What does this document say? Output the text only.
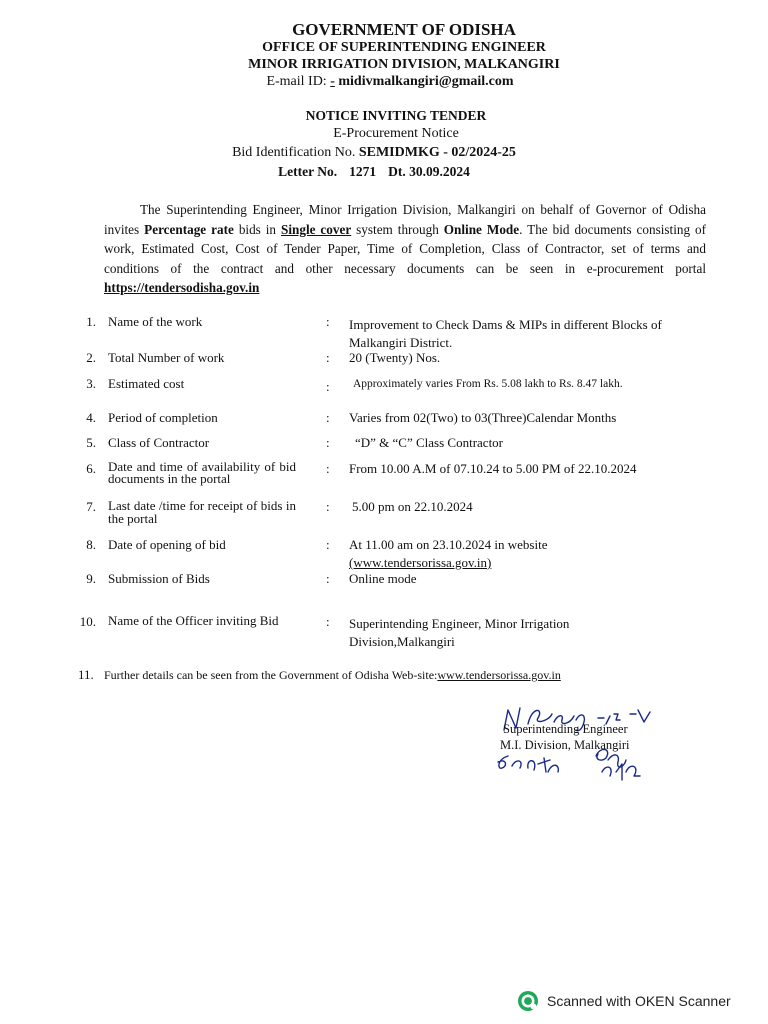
GOVERNMENT OF ODISHA
OFFICE OF SUPERINTENDING ENGINEER
MINOR IRRIGATION DIVISION, MALKANGIRI
E-mail ID: - midivmalkangiri@gmail.com
NOTICE INVITING TENDER
E-Procurement Notice
Bid Identification No. SEMIDMKG - 02/2024-25
Letter No. 1271 Dt. 30.09.2024
The Superintending Engineer, Minor Irrigation Division, Malkangiri on behalf of Governor of Odisha invites Percentage rate bids in Single cover system through Online Mode. The bid documents consisting of work, Estimated Cost, Cost of Tender Paper, Time of Completion, Class of Contractor, set of terms and conditions of the contract and other necessary documents can be seen in e-procurement portal https://tendersodisha.gov.in
1. Name of the work	: Improvement to Check Dams & MIPs in different Blocks of Malkangiri District.
2. Total Number of work	: 20 (Twenty) Nos.
3. Estimated cost	: Approximately varies From Rs. 5.08 lakh to Rs. 8.47 lakh.
4. Period of completion	: Varies from 02(Two) to 03(Three)Calendar Months
5. Class of Contractor	: “D” & “C” Class Contractor
6. Date and time of availability of bid documents in the portal
: From 10.00 A.M of 07.10.24 to 5.00 PM of 22.10.2024
7. Last date /time for receipt of bids in the portal
: 5.00 pm on 22.10.2024
8. Date of opening of bid	: At 11.00 am on 23.10.2024 in website
(www.tendersorissa.gov.in)
9. Submission of Bids	: Online mode
10. Name of the Officer inviting Bid	: Superintending Engineer, Minor Irrigation Division,Malkangiri
11. Further details can be seen from the Government of Odisha Web-site:www.tendersorissa.gov.in
Superintending Engineer
M.I. Division, Malkangiri
Scanned with OKEN Scanner
